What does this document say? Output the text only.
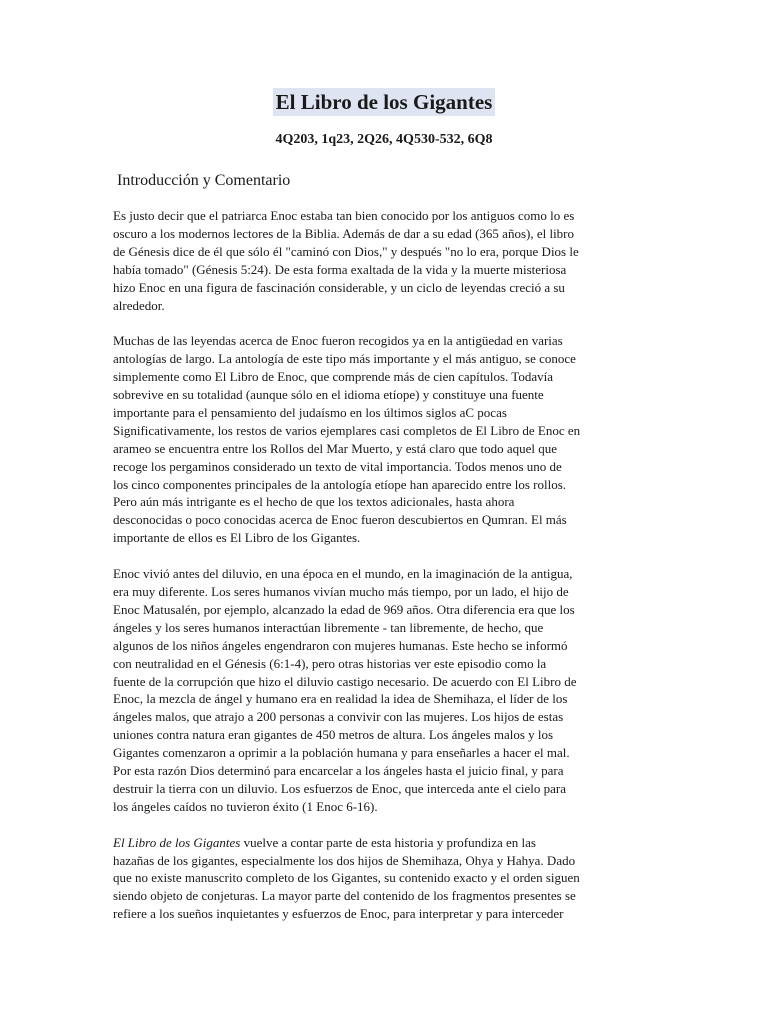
El Libro de los Gigantes
4Q203, 1q23, 2Q26, 4Q530-532, 6Q8
Introducción y Comentario

Es justo decir que el patriarca Enoc estaba tan bien conocido por los antiguos como lo es
oscuro a los modernos lectores de la Biblia. Además de dar a su edad (365 años), el libro
de Génesis dice de él que sólo él "caminó con Dios," y después "no lo era, porque Dios le
había tomado" (Génesis 5:24). De esta forma exaltada de la vida y la muerte misteriosa
hizo Enoc en una figura de fascinación considerable, y un ciclo de leyendas creció a su
alrededor.

Muchas de las leyendas acerca de Enoc fueron recogidos ya en la antigüedad en varias
antologías de largo. La antología de este tipo más importante y el más antiguo, se conoce
simplemente como El Libro de Enoc, que comprende más de cien capítulos. Todavía
sobrevive en su totalidad (aunque sólo en el idioma etíope) y constituye una fuente
importante para el pensamiento del judaísmo en los últimos siglos aC pocas
Significativamente, los restos de varios ejemplares casi completos de El Libro de Enoc en
arameo se encuentra entre los Rollos del Mar Muerto, y está claro que todo aquel que
recoge los pergaminos considerado un texto de vital importancia. Todos menos uno de
los cinco componentes principales de la antología etíope han aparecido entre los rollos.
Pero aún más intrigante es el hecho de que los textos adicionales, hasta ahora
desconocidas o poco conocidas acerca de Enoc fueron descubiertos en Qumran. El más
importante de ellos es El Libro de los Gigantes.

Enoc vivió antes del diluvio, en una época en el mundo, en la imaginación de la antigua,
era muy diferente. Los seres humanos vivían mucho más tiempo, por un lado, el hijo de
Enoc Matusalén, por ejemplo, alcanzado la edad de 969 años. Otra diferencia era que los
ángeles y los seres humanos interactúan libremente - tan libremente, de hecho, que
algunos de los niños ángeles engendraron con mujeres humanas. Este hecho se informó
con neutralidad en el Génesis (6:1-4), pero otras historias ver este episodio como la
fuente de la corrupción que hizo el diluvio castigo necesario. De acuerdo con El Libro de
Enoc, la mezcla de ángel y humano era en realidad la idea de Shemihaza, el líder de los
ángeles malos, que atrajo a 200 personas a convivir con las mujeres. Los hijos de estas
uniones contra natura eran gigantes de 450 metros de altura. Los ángeles malos y los
Gigantes comenzaron a oprimir a la población humana y para enseñarles a hacer el mal.
Por esta razón Dios determinó para encarcelar a los ángeles hasta el juicio final, y para
destruir la tierra con un diluvio. Los esfuerzos de Enoc, que interceda ante el cielo para
los ángeles caídos no tuvieron éxito (1 Enoc 6-16).

El Libro de los Gigantes vuelve a contar parte de esta historia y profundiza en las
hazañas de los gigantes, especialmente los dos hijos de Shemihaza, Ohya y Hahya. Dado
que no existe manuscrito completo de los Gigantes, su contenido exacto y el orden siguen
siendo objeto de conjeturas. La mayor parte del contenido de los fragmentos presentes se
refiere a los sueños inquietantes y esfuerzos de Enoc, para interpretar y para interceder
